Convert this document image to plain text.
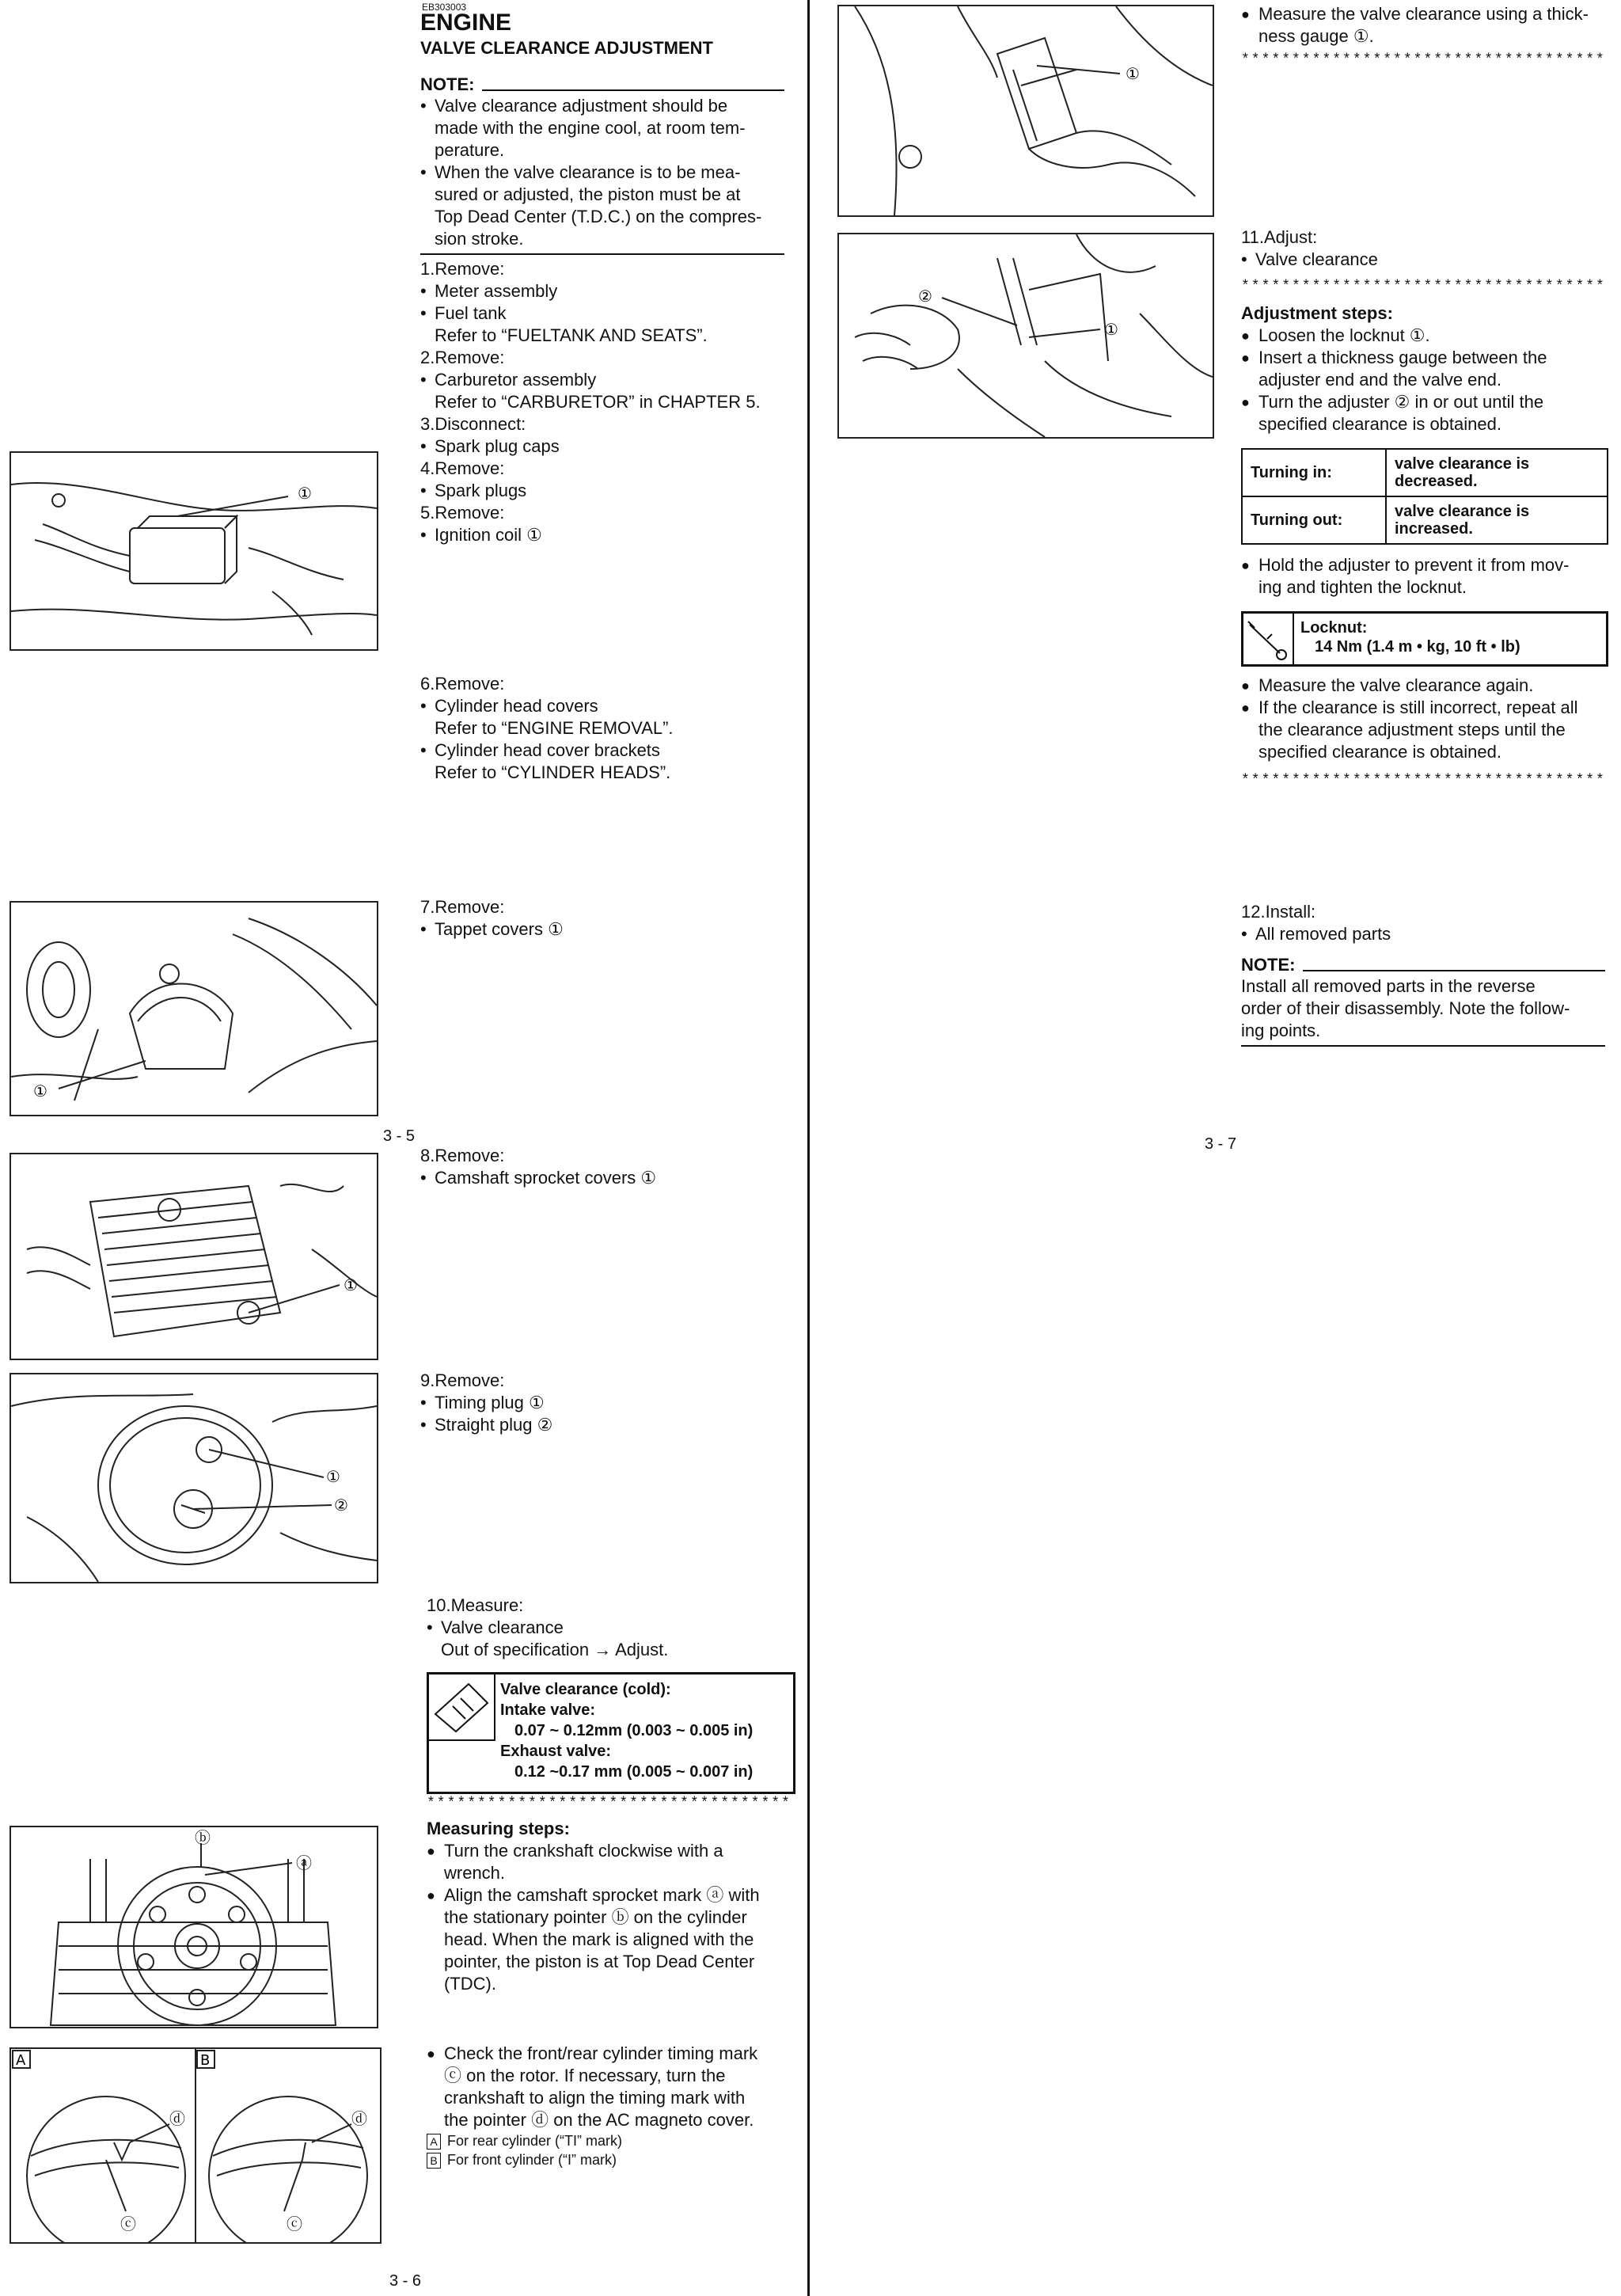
EB303003
ENGINE
VALVE CLEARANCE ADJUSTMENT
NOTE:
• Valve clearance adjustment should be
made with the engine cool, at room tem-
perature.
• When the valve clearance is to be mea-
sured or adjusted, the piston must be at
Top Dead Center (T.D.C.) on the compres-
sion stroke.
1.Remove:
• Meter assembly
• Fuel tank
Refer to “FUELTANK AND SEATS”.
2.Remove:
• Carburetor assembly
Refer to “CARBURETOR” in CHAPTER 5.
3.Disconnect:
• Spark plug caps
4.Remove:
• Spark plugs
5.Remove:
• Ignition coil ①
①
6.Remove:
• Cylinder head covers
Refer to “ENGINE REMOVAL”.
• Cylinder head cover brackets
Refer to “CYLINDER HEADS”.
①
7.Remove:
• Tappet covers ①
3 - 5
①
8.Remove:
• Camshaft sprocket covers ①
①
②
9.Remove:
• Timing plug ①
• Straight plug ②
10.Measure:
• Valve clearance
Out of specification → Adjust.
Valve clearance (cold):
Intake valve:
0.07 ~ 0.12mm (0.003 ~ 0.005 in)
Exhaust valve:
0.12 ~0.17 mm (0.005 ~ 0.007 in)
************************************
Measuring steps:
● Turn the crankshaft clockwise with a
wrench.
● Align the camshaft sprocket mark ⓐ with
the stationary pointer ⓑ on the cylinder
head. When the mark is aligned with the
pointer, the piston is at Top Dead Center
(TDC).
ⓑ
ⓐ
A	B
ⓓ	ⓓ
ⓒ	ⓒ
● Check the front/rear cylinder timing mark
ⓒ on the rotor. If necessary, turn the
crankshaft to align the timing mark with
the pointer ⓓ on the AC magneto cover.
A For rear cylinder (“TI” mark)
B For front cylinder (“I” mark)
3 - 6
①
● Measure the valve clearance using a thick-
ness gauge ①.
************************************
②
①
11.Adjust:
• Valve clearance
************************************
Adjustment steps:
● Loosen the locknut ①.
● Insert a thickness gauge between the
adjuster end and the valve end.
● Turn the adjuster ② in or out until the
specified clearance is obtained.
Turning in:	valve clearance is
decreased.
Turning out:	valve clearance is
increased.
● Hold the adjuster to prevent it from mov-
ing and tighten the locknut.
Locknut:
14 Nm (1.4 m • kg, 10 ft • lb)
● Measure the valve clearance again.
● If the clearance is still incorrect, repeat all
the clearance adjustment steps until the
specified clearance is obtained.
************************************
12.Install:
• All removed parts
NOTE:
Install all removed parts in the reverse
order of their disassembly. Note the follow-
ing points.
3 - 7
